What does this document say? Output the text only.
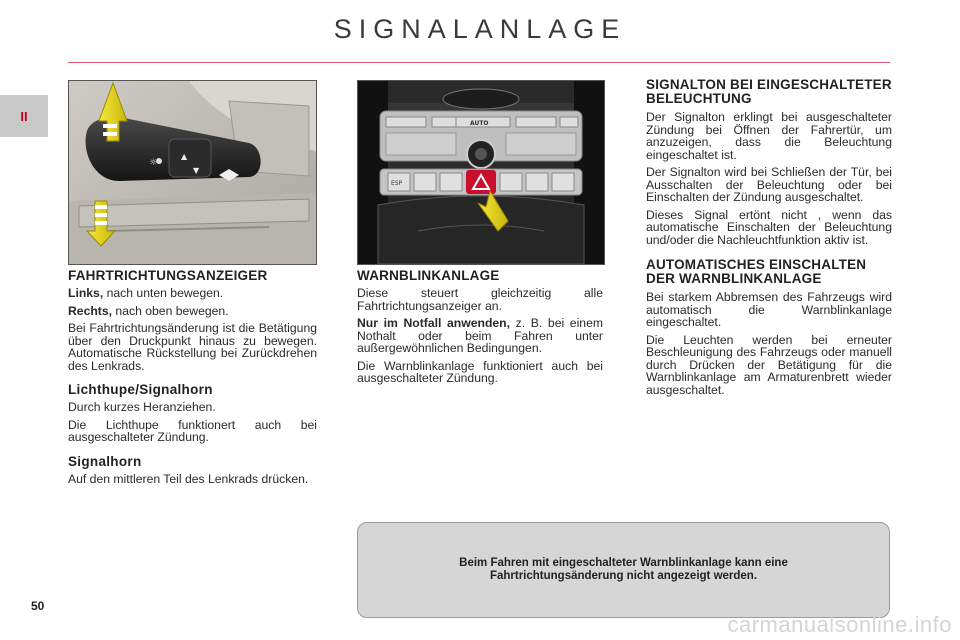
SIGNALANLAGE
II
50
☼
▲
▼
AUTO
ESP
FAHRTRICHTUNGSANZEIGER

Links, nach unten bewegen.

Rechts, nach oben bewegen.

Bei Fahrtrichtungsänderung ist die Betätigung über den Druckpunkt hinaus zu bewegen. Automatische Rückstellung bei Zurückdrehen des Lenkrads.

Lichthupe/Signalhorn

Durch kurzes Heranziehen.

Die Lichthupe funktionert auch bei ausgeschalteter Zündung.

Signalhorn

Auf den mittleren Teil des Lenkrads drücken.

WARNBLINKANLAGE

Diese steuert gleichzeitig alle Fahrtrichtungsanzeiger an.

Nur im Notfall anwenden, z. B. bei einem Nothalt oder beim Fahren unter außergewöhnlichen Bedingungen.

Die Warnblinkanlage funktioniert auch bei ausgeschalteter Zündung.

SIGNALTON BEI EINGESCHALTETER BELEUCHTUNG

Der Signalton erklingt bei ausgeschalteter Zündung bei Öffnen der Fahrertür, um anzuzeigen, dass die Beleuchtung eingeschaltet ist.

Der Signalton wird bei Schließen der Tür, bei Ausschalten der Beleuchtung oder bei Einschalten der Zündung ausgeschaltet.

Dieses Signal ertönt nicht , wenn das automatische Einschalten der Beleuchtung und/oder die Nachleuchtfunktion aktiv ist.

AUTOMATISCHES EINSCHALTEN DER WARNBLINKANLAGE

Bei starkem Abbremsen des Fahrzeugs wird automatisch die Warnblinkanlage eingeschaltet.

Die Leuchten werden bei erneuter Beschleunigung des Fahrzeugs oder manuell durch Drücken der Betätigung für die Warnblinkanlage am Armaturenbrett wieder ausgeschaltet.

Beim Fahren mit eingeschalteter Warnblinkanlage kann eine Fahrtrichtungsänderung nicht angezeigt werden.
carmanualsonline.info
